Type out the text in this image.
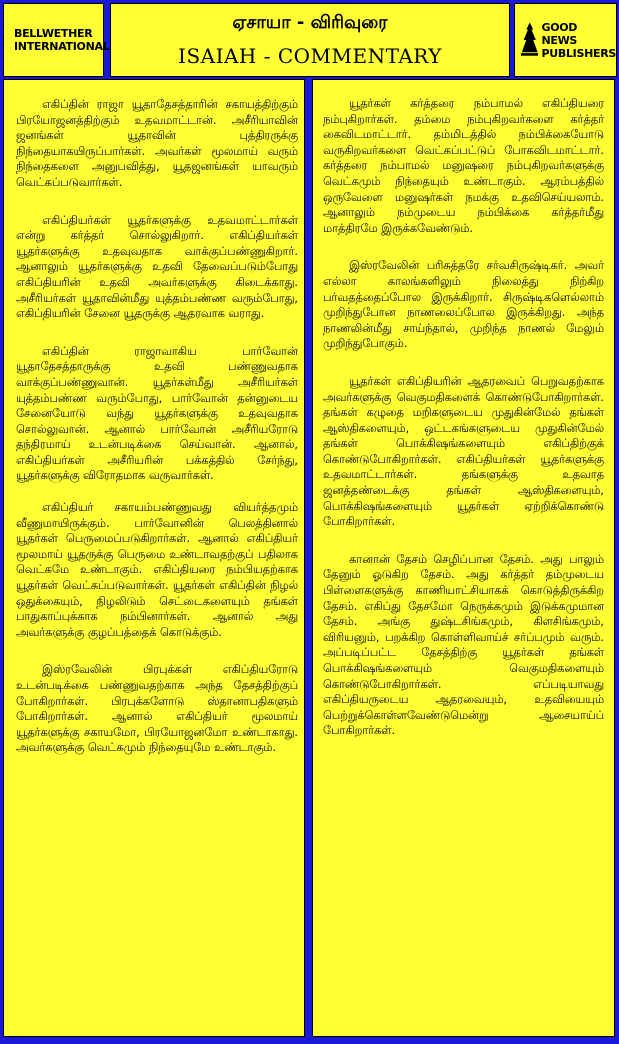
BELLWETHER
INTERNATIONAL
ஏசாயா - விரிவுரை
ISAIAH - COMMENTARY
GOOD NEWS
PUBLISHERS

எகிப்தின் ராஜா யூதாதேசத்தாரின் சகாயத்திற்கும் பிரயோஜனத்திற்கும் உதவமாட்டான். அசீரியாவின் ஜனங்கள் யூதாவின் புத்திரருக்கு நிந்தையாகயிருப்பார்கள். அவர்கள் மூலமாய் வரும் நிந்தைகளை அனுபவித்து, யூதஜனங்கள் யாவரும் வெட்கப்படுவார்கள்.

எகிப்தியர்கள் யூதர்களுக்கு உதவமாட்டார்கள் என்று கர்த்தர் சொல்லுகிறார். எகிப்தியர்கள் யூதர்களுக்கு உதவுவதாக வாக்குப்பண்ணுகிறார். ஆனாலும் யூதர்களுக்கு உதவி தேவைப்படும்போது எகிப்தியரின் உதவி அவர்களுக்கு கிடைக்காது. அசீரியர்கள் யூதாவின்மீது யுத்தம்பண்ண வரும்போது, எகிப்தியரின் சேனை யூதருக்கு ஆதரவாக வராது.

எகிப்தின் ராஜாவாகிய பார்வோன் யூதாதேசத்தாருக்கு உதவி பண்ணுவதாக வாக்குப்பண்ணுவான். யூதர்கள்மீது அசீரியர்கள் யுத்தம்பண்ண வரும்போது, பார்வோன் தன்னுடைய சேனையோடு வந்து யூதர்களுக்கு உதவுவதாக சொல்லுவான். ஆனால் பார்வோன் அசீரியரோடு தந்திரமாய் உடன்படிக்கை செய்வான். ஆனால், எகிப்தியர்கள் அசீரியரின் பக்கத்தில் சேர்ந்து, யூதர்களுக்கு விரோதமாக வருவார்கள்.

எகிப்தியர் சகாயம்பண்ணுவது வியர்த்தமும் வீணுமாயிருக்கும். பார்வோனின் பெலத்தினால் யூதர்கள் பெருமைப்படுகிறார்கள். ஆனால் எகிப்தியர் மூலமாய் யூதருக்கு பெருமை உண்டாவதற்குப் பதிலாக வெட்கமே உண்டாகும். எகிப்தியரை நம்பியதற்காக யூதர்கள் வெட்கப்படுவார்கள். யூதர்கள் எகிப்தின் நிழல் ஒதுக்கையும், நிழலிடும் செட்டைகளையும் தங்கள் பாதுகாப்புக்காக நம்பினார்கள். ஆனால் அது அவர்களுக்கு குழப்பத்தைக் கொடுக்கும்.

இஸ்ரவேலின் பிரபுக்கள் எகிப்தியரோடு உடன்படிக்கை பண்ணுவதற்காக அந்த தேசத்திற்குப் போகிறார்கள். பிரபுக்களோடு ஸ்தானாபதிகளும் போகிறார்கள். ஆனால் எகிப்தியர் மூலமாய் யூதர்களுக்கு சகாயமோ, பிரயோஜனமோ உண்டாகாது. அவர்களுக்கு வெட்கமும் நிந்தையுமே உண்டாகும்.

யூதர்கள் கர்த்தரை நம்பாமல் எகிப்தியரை நம்புகிறார்கள். தம்மை நம்புகிறவர்களை கர்த்தர் கைவிடமாட்டார். தம்மிடத்தில் நம்பிக்கையோடு வருகிறவர்களை வெட்கப்பட்டுப் போகவிடமாட்டார். கர்த்தரை நம்பாமல் மனுஷரை நம்புகிறவர்களுக்கு வெட்கமும் நிந்தையும் உண்டாகும். ஆரம்பத்தில் ஒருவேளை மனுஷர்கள் நமக்கு உதவிசெய்யலாம். ஆனாலும் நம்முடைய நம்பிக்கை கர்த்தர்மீது மாத்திரமே இருக்கவேண்டும்.

இஸ்ரவேலின் பரிசுத்தரே சர்வசிருஷ்டிகர். அவர் எல்லா காலங்களிலும் நிலைத்து நிற்கிற பர்வதத்தைப்போல இருக்கிறார். சிருஷ்டிகளெல்லாம் முறிந்துபோன நாணலைப்போல இருக்கிறது. அந்த நாணலின்மீது சாய்ந்தால், முறிந்த நாணல் மேலும் முறிந்துபோகும்.

யூதர்கள் எகிப்தியரின் ஆதரவைப் பெறுவதற்காக அவர்களுக்கு வெகுமதிகளைக் கொண்டுபோகிறார்கள். தங்கள் கழுதை மறிகளுடைய முதுகின்மேல் தங்கள் ஆஸ்திகளையும், ஒட்டகங்களுடைய முதுகின்மேல் தங்கள் பொக்கிஷங்களையும் எகிப்திற்குக் கொண்டுபோகிறார்கள். எகிப்தியர்கள் யூதர்களுக்கு உதவமாட்டார்கள். தங்களுக்கு உதவாத ஜனத்தண்டைக்கு தங்கள் ஆஸ்திகளையும், பொக்கிஷங்களையும் யூதர்கள் ஏற்றிக்கொண்டு போகிறார்கள்.

கானான் தேசம் செழிப்பான தேசம். அது பாலும் தேனும் ஓடுகிற தேசம். அது கர்த்தர் தம்முடைய பிள்ளைகளுக்கு காணியாட்சியாகக் கொடுத்திருக்கிற தேசம். எகிப்து தேசமோ நெருக்கமும் இடுக்கமுமான தேசம். அங்கு துஷ்டசிங்கமும், கிளசிங்கமும், விரியனும், பறக்கிற கொள்ளிவாய்ச் சர்ப்பமும் வரும். அப்படிப்பட்ட தேசத்திற்கு யூதர்கள் தங்கள் பொக்கிஷங்களையும் வெகுமதிகளையும் கொண்டுபோகிறார்கள். எப்படியாவது எகிப்தியருடைய ஆதரவையும், உதவியையும் பெற்றுக்கொள்ளவேண்டுமென்று ஆசையாய்ப் போகிறார்கள்.
